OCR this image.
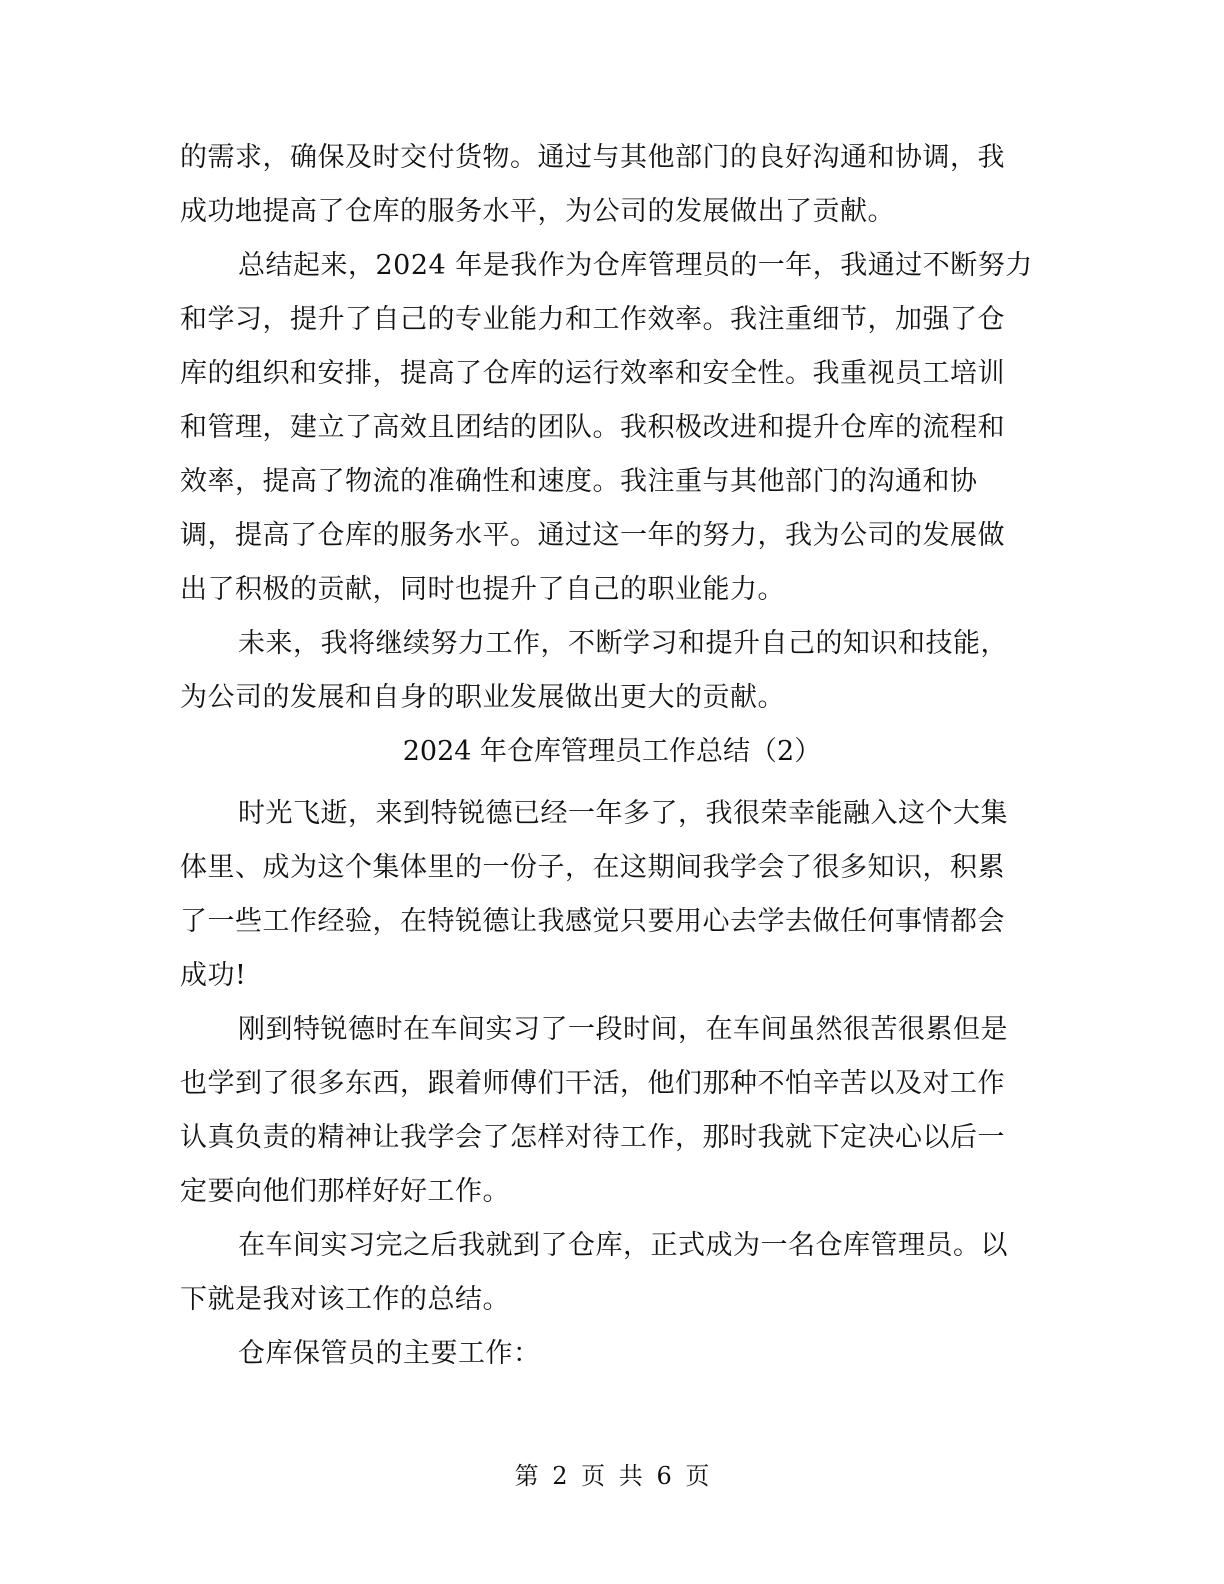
的需求，确保及时交付货物。通过与其他部门的良好沟通和协调，我
成功地提高了仓库的服务水平，为公司的发展做出了贡献。
总结起来，2024 年是我作为仓库管理员的一年，我通过不断努力
和学习，提升了自己的专业能力和工作效率。我注重细节，加强了仓
库的组织和安排，提高了仓库的运行效率和安全性。我重视员工培训
和管理，建立了高效且团结的团队。我积极改进和提升仓库的流程和
效率，提高了物流的准确性和速度。我注重与其他部门的沟通和协
调，提高了仓库的服务水平。通过这一年的努力，我为公司的发展做
出了积极的贡献，同时也提升了自己的职业能力。
未来，我将继续努力工作，不断学习和提升自己的知识和技能，
为公司的发展和自身的职业发展做出更大的贡献。
2024 年仓库管理员工作总结（2）
时光飞逝，来到特锐德已经一年多了，我很荣幸能融入这个大集
体里、成为这个集体里的一份子，在这期间我学会了很多知识，积累
了一些工作经验，在特锐德让我感觉只要用心去学去做任何事情都会
成功!
刚到特锐德时在车间实习了一段时间，在车间虽然很苦很累但是
也学到了很多东西，跟着师傅们干活，他们那种不怕辛苦以及对工作
认真负责的精神让我学会了怎样对待工作，那时我就下定决心以后一
定要向他们那样好好工作。
在车间实习完之后我就到了仓库，正式成为一名仓库管理员。以
下就是我对该工作的总结。
仓库保管员的主要工作：
第 2 页 共 6 页
